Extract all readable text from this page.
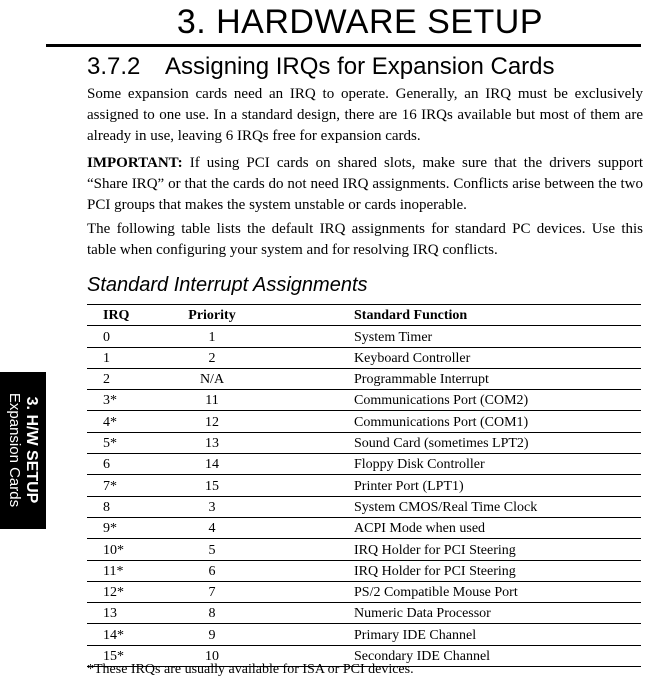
3. HARDWARE SETUP
3.7.2 Assigning IRQs for Expansion Cards

Some expansion cards need an IRQ to operate. Generally, an IRQ must be exclusively assigned to one use. In a standard design, there are 16 IRQs available but most of them are already in use, leaving 6 IRQs free for expansion cards.

IMPORTANT: If using PCI cards on shared slots, make sure that the drivers support “Share IRQ” or that the cards do not need IRQ assignments. Conflicts arise between the two PCI groups that makes the system unstable or cards inoperable.

The following table lists the default IRQ assignments for standard PC devices. Use this table when configuring your system and for resolving IRQ conflicts.

Standard Interrupt Assignments
IRQ	Priority	Standard Function
0	1	System Timer
1	2	Keyboard Controller
2	N/A	Programmable Interrupt
3*	11	Communications Port (COM2)
4*	12	Communications Port (COM1)
5*	13	Sound Card (sometimes LPT2)
6	14	Floppy Disk Controller
7*	15	Printer Port (LPT1)
8	3	System CMOS/Real Time Clock
9*	4	ACPI Mode when used
10*	5	IRQ Holder for PCI Steering
11*	6	IRQ Holder for PCI Steering
12*	7	PS/2 Compatible Mouse Port
13	8	Numeric Data Processor
14*	9	Primary IDE Channel
15*	10	Secondary IDE Channel
*These IRQs are usually available for ISA or PCI devices.
3. H/W SETUP
Expansion Cards
